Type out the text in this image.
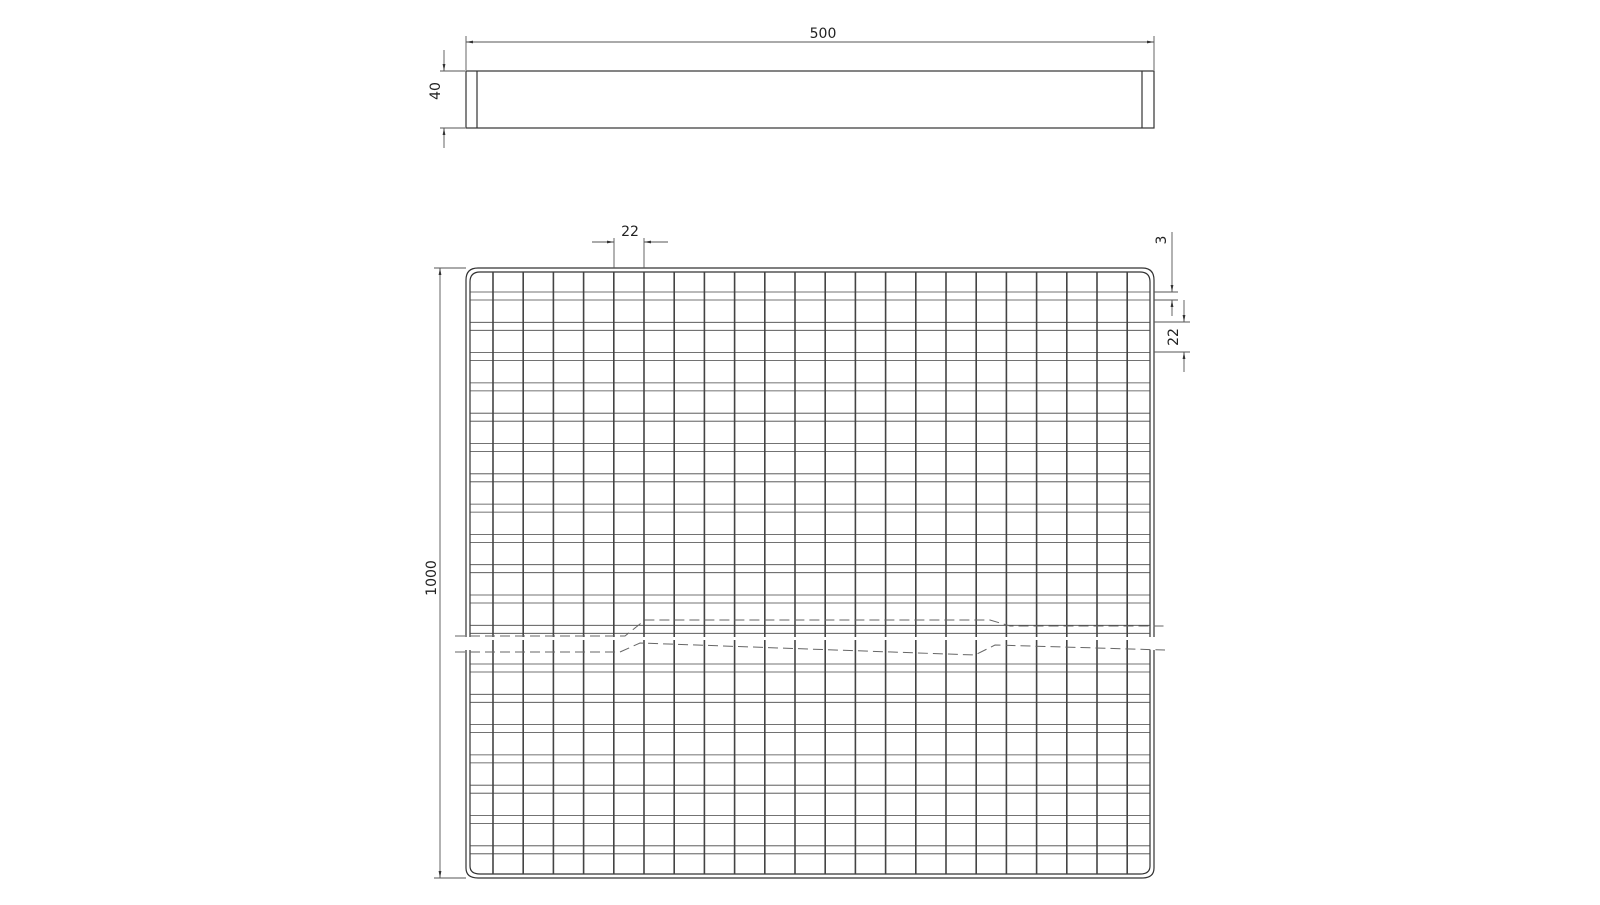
500
40
22	3
22
1000
